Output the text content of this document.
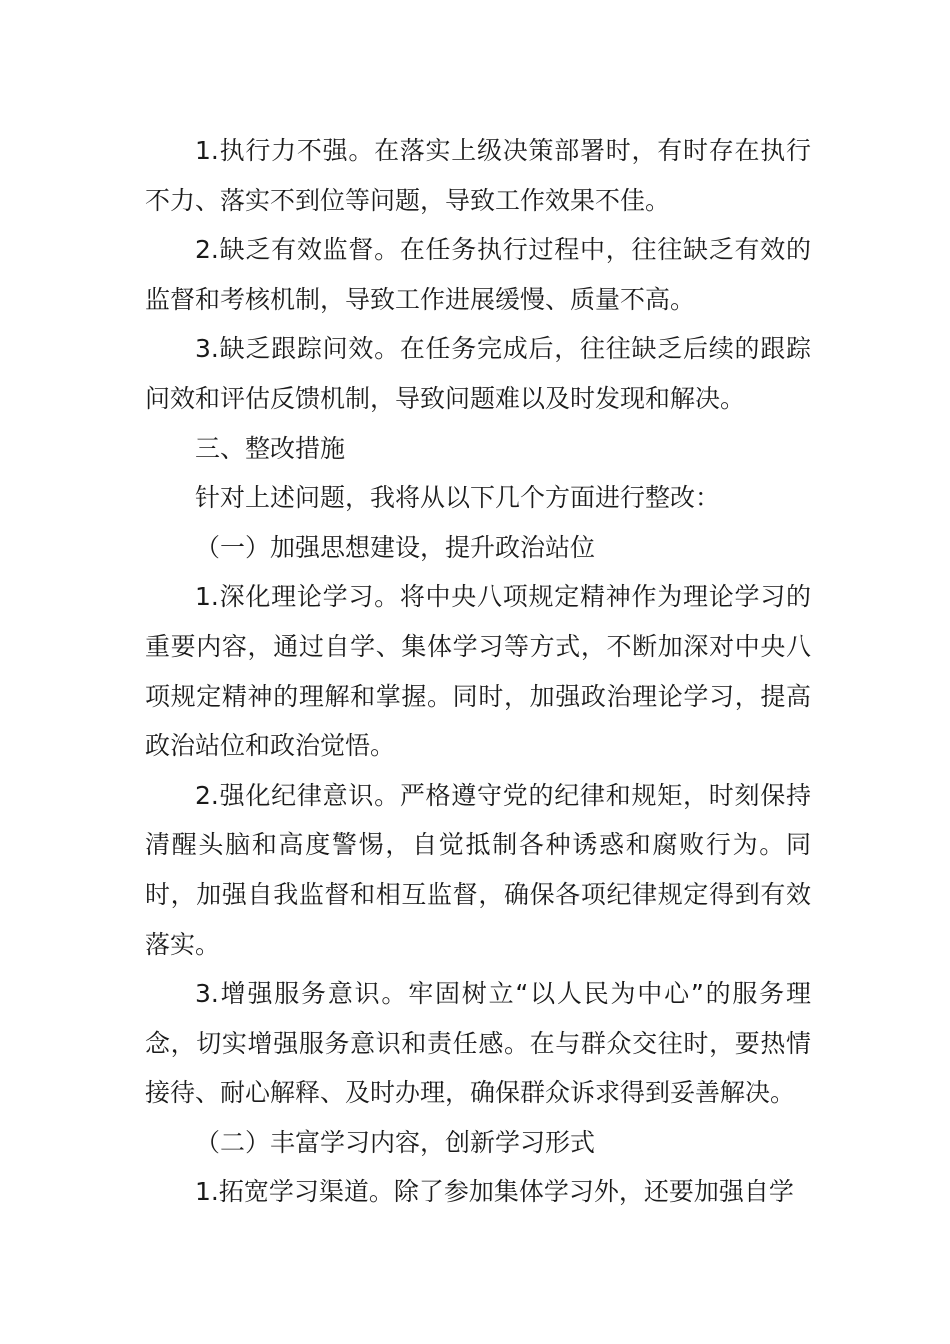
1.执行力不强。在落实上级决策部署时，有时存在执行不力、落实不到位等问题，导致工作效果不佳。

2.缺乏有效监督。在任务执行过程中，往往缺乏有效的监督和考核机制，导致工作进展缓慢、质量不高。

3.缺乏跟踪问效。在任务完成后，往往缺乏后续的跟踪问效和评估反馈机制，导致问题难以及时发现和解决。

三、整改措施

针对上述问题，我将从以下几个方面进行整改：

（一）加强思想建设，提升政治站位

1.深化理论学习。将中央八项规定精神作为理论学习的重要内容，通过自学、集体学习等方式，不断加深对中央八项规定精神的理解和掌握。同时，加强政治理论学习，提高政治站位和政治觉悟。

2.强化纪律意识。严格遵守党的纪律和规矩，时刻保持清醒头脑和高度警惕，自觉抵制各种诱惑和腐败行为。同时，加强自我监督和相互监督，确保各项纪律规定得到有效落实。

3.增强服务意识。牢固树立“以人民为中心”的服务理念，切实增强服务意识和责任感。在与群众交往时，要热情接待、耐心解释、及时办理，确保群众诉求得到妥善解决。

（二）丰富学习内容，创新学习形式

1.拓宽学习渠道。除了参加集体学习外，还要加强自学
